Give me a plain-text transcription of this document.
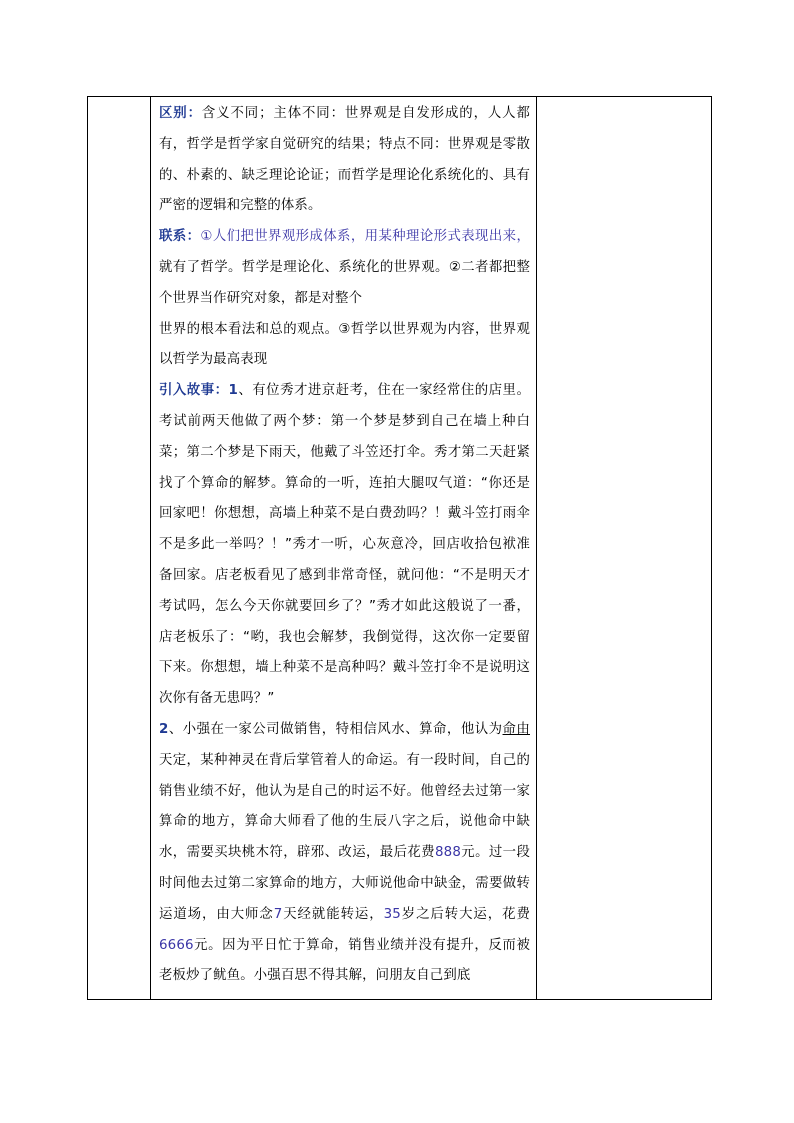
区别：含义不同；主体不同：世界观是自发形成的，人人都有，哲学是哲学家自觉研究的结果；特点不同：世界观是零散的、朴素的、缺乏理论论证；而哲学是理论化系统化的、具有严密的逻辑和完整的体系。

联系：①人们把世界观形成体系，用某种理论形式表现出来，就有了哲学。哲学是理论化、系统化的世界观。②二者都把整个世界当作研究对象，都是对整个

世界的根本看法和总的观点。③哲学以世界观为内容，世界观以哲学为最高表现

引入故事：1、有位秀才进京赶考，住在一家经常住的店里。考试前两天他做了两个梦：第一个梦是梦到自己在墙上种白菜；第二个梦是下雨天，他戴了斗笠还打伞。秀才第二天赶紧找了个算命的解梦。算命的一听，连拍大腿叹气道：“你还是回家吧！你想想，高墙上种菜不是白费劲吗？！戴斗笠打雨伞不是多此一举吗？！”秀才一听，心灰意冷，回店收拾包袱准备回家。店老板看见了感到非常奇怪，就问他：“不是明天才考试吗，怎么今天你就要回乡了？”秀才如此这般说了一番，店老板乐了：“哟，我也会解梦，我倒觉得，这次你一定要留下来。你想想，墙上种菜不是高种吗？戴斗笠打伞不是说明这次你有备无患吗？”

2、小强在一家公司做销售，特相信风水、算命，他认为命由天定，某种神灵在背后掌管着人的命运。有一段时间，自己的销售业绩不好，他认为是自己的时运不好。他曾经去过第一家算命的地方，算命大师看了他的生辰八字之后，说他命中缺水，需要买块桃木符，辟邪、改运，最后花费888元。过一段时间他去过第二家算命的地方，大师说他命中缺金，需要做转运道场，由大师念7天经就能转运，35岁之后转大运，花费6666元。因为平日忙于算命，销售业绩并没有提升，反而被老板炒了鱿鱼。小强百思不得其解，问朋友自己到底
